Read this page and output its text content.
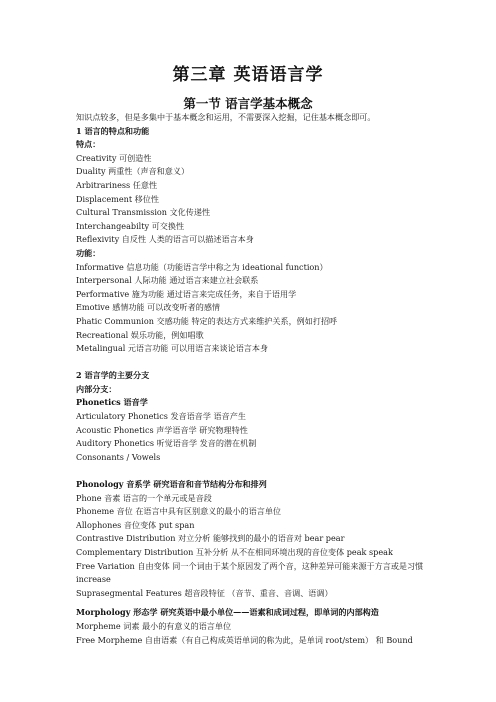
第三章 英语语言学
第一节 语言学基本概念
知识点较多，但是多集中于基本概念和运用，不需要深入挖掘，记住基本概念即可。
1 语言的特点和功能
特点：
Creativity 可创造性
Duality 两重性（声音和意义）
Arbitrariness 任意性
Displacement 移位性
Cultural Transmission 文化传递性
Interchangeabilty 可交换性
Reflexivity 自反性 人类的语言可以描述语言本身
功能：
Informative 信息功能（功能语言学中称之为 ideational function）
Interpersonal 人际功能 通过语言来建立社会联系
Performative 施为功能 通过语言来完成任务，来自于语用学
Emotive 感情功能 可以改变听者的感情
Phatic Communion 交感功能 特定的表达方式来维护关系，例如打招呼
Recreational 娱乐功能，例如唱歌
Metalingual 元语言功能 可以用语言来谈论语言本身
2 语言学的主要分支
内部分支：
Phonetics 语音学
Articulatory Phonetics 发音语音学 语音产生
Acoustic Phonetics 声学语音学 研究物理特性
Auditory Phonetics 听觉语音学 发音的潜在机制
Consonants / Vowels
Phonology 音系学 研究语音和音节结构分布和排列
Phone 音素 语言的一个单元或是音段
Phoneme 音位 在语言中具有区别意义的最小的语言单位
Allophones 音位变体 put span
Contrastive Distribution 对立分析 能够找到的最小的语音对 bear pear
Complementary Distribution 互补分析 从不在相同环境出现的音位变体 peak speak
Free Variation 自由变体 同一个词由于某个原因发了两个音，这种差异可能来源于方言或是习惯 increase
Suprasegmental Features 超音段特征 （音节、重音、音调、语调）
Morphology 形态学 研究英语中最小单位——语素和成词过程，即单词的内部构造
Morpheme 词素 最小的有意义的语言单位
Free Morpheme 自由语素（有自己构成英语单词的称为此，是单词 root/stem） 和 Bound
